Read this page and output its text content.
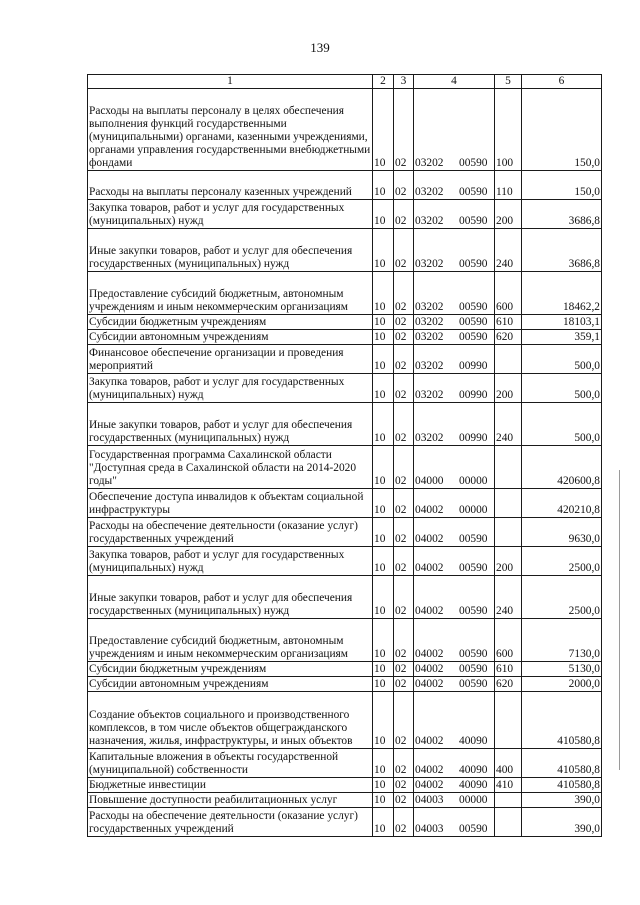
139
1	2	3	4	5	6
Расходы на выплаты персоналу в целях обеспечения выполнения функций государственными (муниципальными) органами, казенными учреждениями, органами управления государственными внебюджетными фондами	10	02	03202 00590	100	150,0
Расходы на выплаты персоналу казенных учреждений	10	02	03202 00590	110	150,0
Закупка товаров, работ и услуг для государственных (муниципальных) нужд	10	02	03202 00590	200	3686,8
Иные закупки товаров, работ и услуг для обеспечения государственных (муниципальных) нужд	10	02	03202 00590	240	3686,8
Предоставление субсидий бюджетным, автономным учреждениям и иным некоммерческим организациям	10	02	03202 00590	600	18462,2
Субсидии бюджетным учреждениям	10	02	03202 00590	610	18103,1
Субсидии автономным учреждениям	10	02	03202 00590	620	359,1
Финансовое обеспечение организации и проведения мероприятий	10	02	03202 00990		500,0
Закупка товаров, работ и услуг для государственных (муниципальных) нужд	10	02	03202 00990	200	500,0
Иные закупки товаров, работ и услуг для обеспечения государственных (муниципальных) нужд	10	02	03202 00990	240	500,0
Государственная программа Сахалинской области "Доступная среда в Сахалинской области на 2014-2020 годы"	10	02	04000 00000		420600,8
Обеспечение доступа инвалидов к объектам социальной инфраструктуры	10	02	04002 00000		420210,8
Расходы на обеспечение деятельности (оказание услуг) государственных учреждений	10	02	04002 00590		9630,0
Закупка товаров, работ и услуг для государственных (муниципальных) нужд	10	02	04002 00590	200	2500,0
Иные закупки товаров, работ и услуг для обеспечения государственных (муниципальных) нужд	10	02	04002 00590	240	2500,0
Предоставление субсидий бюджетным, автономным учреждениям и иным некоммерческим организациям	10	02	04002 00590	600	7130,0
Субсидии бюджетным учреждениям	10	02	04002 00590	610	5130,0
Субсидии автономным учреждениям	10	02	04002 00590	620	2000,0
Создание объектов социального и производственного комплексов, в том числе объектов общегражданского назначения, жилья, инфраструктуры, и иных объектов	10	02	04002 40090		410580,8
Капитальные вложения в объекты государственной (муниципальной) собственности	10	02	04002 40090	400	410580,8
Бюджетные инвестиции	10	02	04002 40090	410	410580,8
Повышение доступности реабилитационных услуг	10	02	04003 00000		390,0
Расходы на обеспечение деятельности (оказание услуг) государственных учреждений	10	02	04003 00590		390,0
